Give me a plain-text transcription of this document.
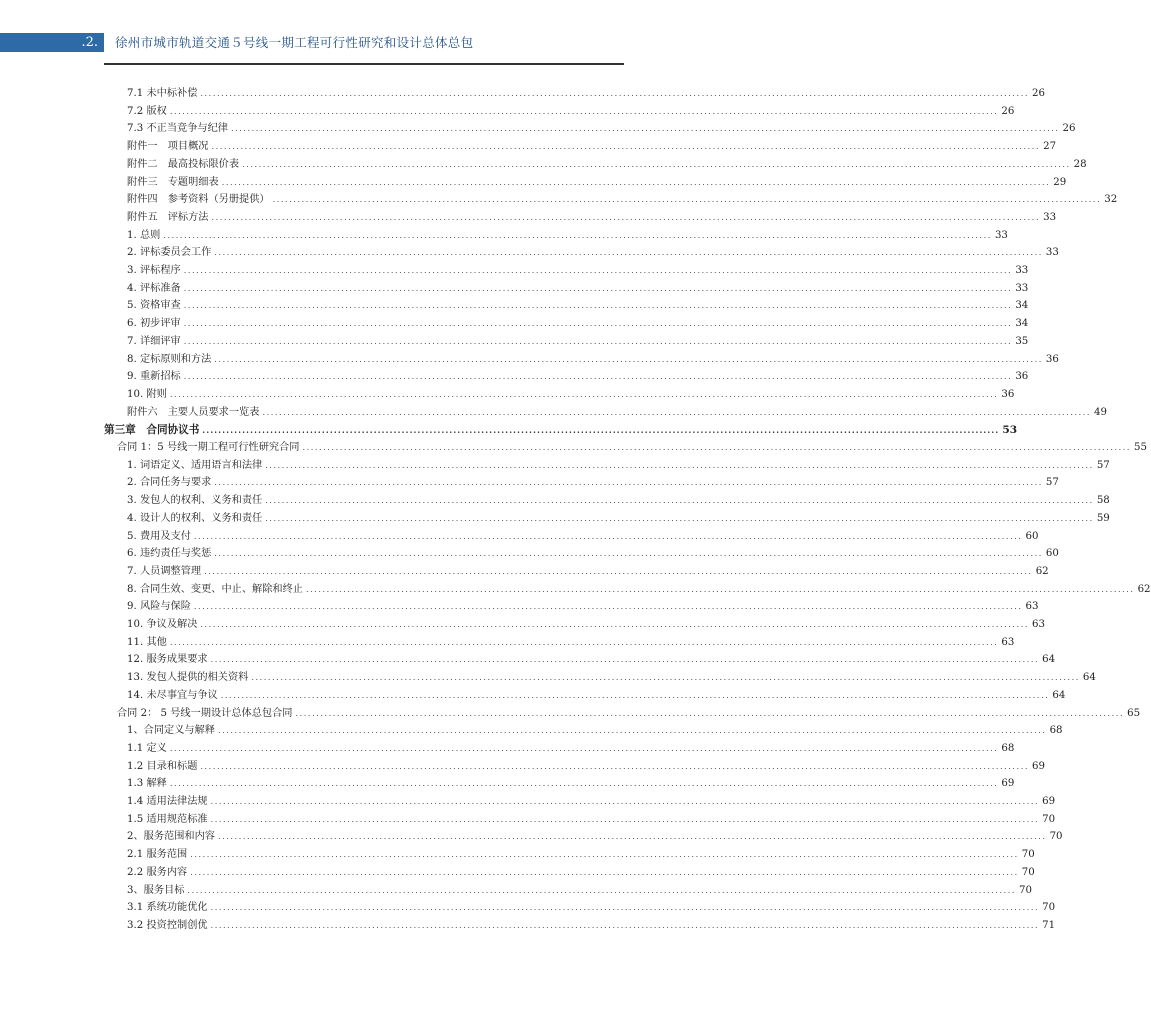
.2.	徐州市城市轨道交通５号线一期工程可行性研究和设计总体总包
7.1 未中标补偿 ........................................................................................................................................................................................................ 26
7.2 版权 ........................................................................................................................................................................................................ 26
7.3 不正当竞争与纪律 ........................................................................................................................................................................................................ 26
附件一　项目概况 ........................................................................................................................................................................................................ 27
附件二　最高投标限价表 ........................................................................................................................................................................................................ 28
附件三　专题明细表 ........................................................................................................................................................................................................ 29
附件四　参考资料（另册提供） ........................................................................................................................................................................................................ 32
附件五　评标方法 ........................................................................................................................................................................................................ 33
1. 总则 ........................................................................................................................................................................................................ 33
2. 评标委员会工作 ........................................................................................................................................................................................................ 33
3. 评标程序 ........................................................................................................................................................................................................ 33
4. 评标准备 ........................................................................................................................................................................................................ 33
5. 资格审查 ........................................................................................................................................................................................................ 34
6. 初步评审 ........................................................................................................................................................................................................ 34
7. 详细评审 ........................................................................................................................................................................................................ 35
8. 定标原则和方法 ........................................................................................................................................................................................................ 36
9. 重新招标 ........................................................................................................................................................................................................ 36
10. 附则 ........................................................................................................................................................................................................ 36
附件六　主要人员要求一览表 ........................................................................................................................................................................................................ 49
第三章　合同协议书 ........................................................................................................................................................................................................ 53
合同 1：5 号线一期工程可行性研究合同 ........................................................................................................................................................................................................ 55
1. 词语定义、适用语言和法律 ........................................................................................................................................................................................................ 57
2. 合同任务与要求 ........................................................................................................................................................................................................ 57
3. 发包人的权利、义务和责任 ........................................................................................................................................................................................................ 58
4. 设计人的权利、义务和责任 ........................................................................................................................................................................................................ 59
5. 费用及支付 ........................................................................................................................................................................................................ 60
6. 违约责任与奖惩 ........................................................................................................................................................................................................ 60
7. 人员调整管理 ........................................................................................................................................................................................................ 62
8. 合同生效、变更、中止、解除和终止 ........................................................................................................................................................................................................ 62
9. 风险与保险 ........................................................................................................................................................................................................ 63
10. 争议及解决 ........................................................................................................................................................................................................ 63
11. 其他 ........................................................................................................................................................................................................ 63
12. 服务成果要求 ........................................................................................................................................................................................................ 64
13. 发包人提供的相关资料 ........................................................................................................................................................................................................ 64
14. 未尽事宜与争议 ........................................................................................................................................................................................................ 64
合同 2： 5 号线一期设计总体总包合同 ........................................................................................................................................................................................................ 65
1、合同定义与解释 ........................................................................................................................................................................................................ 68
1.1 定义 ........................................................................................................................................................................................................ 68
1.2 目录和标题 ........................................................................................................................................................................................................ 69
1.3 解释 ........................................................................................................................................................................................................ 69
1.4 适用法律法规 ........................................................................................................................................................................................................ 69
1.5 适用规范标准 ........................................................................................................................................................................................................ 70
2、服务范围和内容 ........................................................................................................................................................................................................ 70
2.1 服务范围 ........................................................................................................................................................................................................ 70
2.2 服务内容 ........................................................................................................................................................................................................ 70
3、服务目标 ........................................................................................................................................................................................................ 70
3.1 系统功能优化 ........................................................................................................................................................................................................ 70
3.2 投资控制创优 ........................................................................................................................................................................................................ 71
